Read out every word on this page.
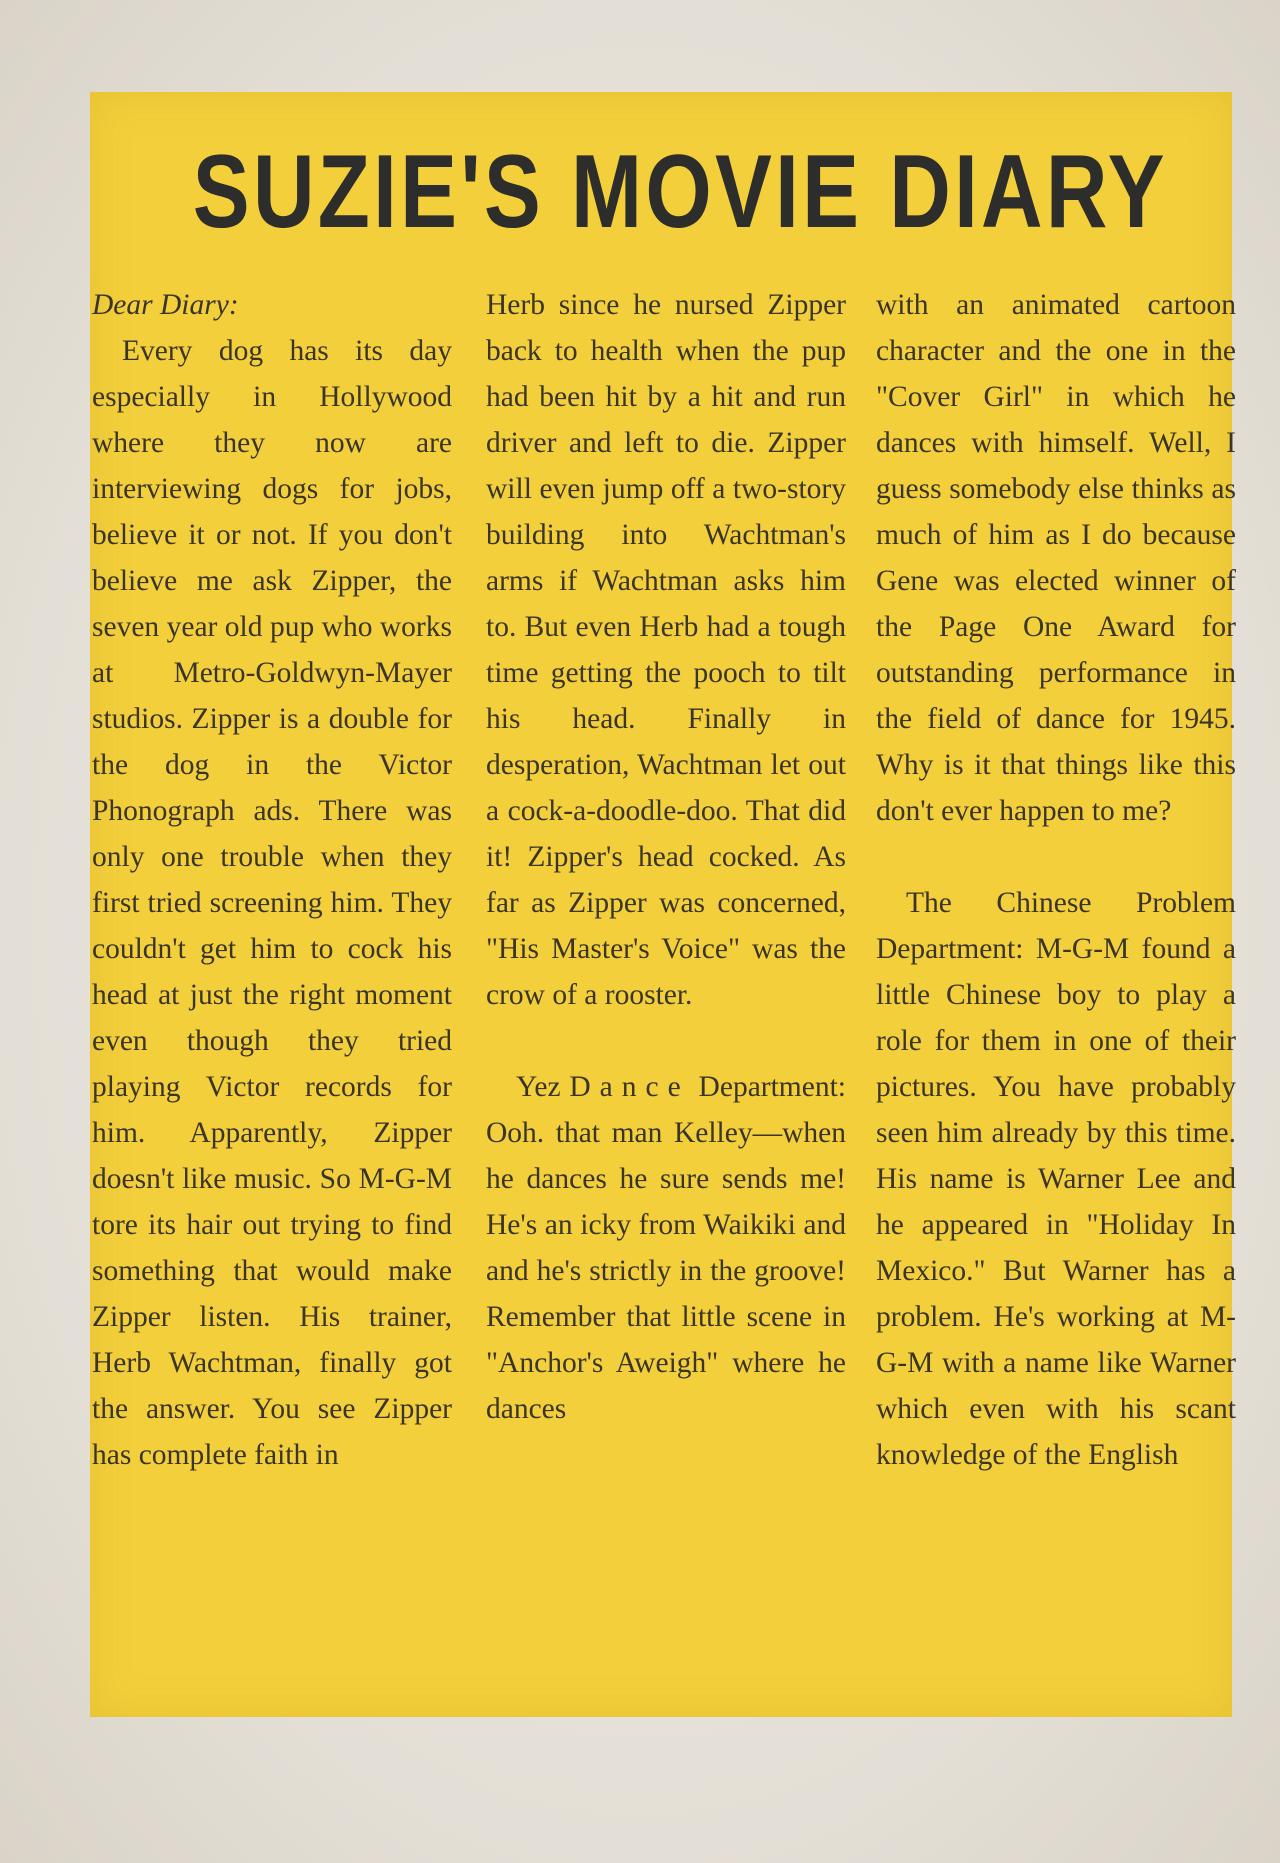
SUZIE'S MOVIE DIARY

Dear Diary:

Every dog has its day especially in Hollywood where they now are interviewing dogs for jobs, believe it or not. If you don't believe me ask Zipper, the seven year old pup who works at Metro-Goldwyn-Mayer studios. Zipper is a double for the dog in the Victor Phonograph ads. There was only one trouble when they first tried screening him. They couldn't get him to cock his head at just the right moment even though they tried playing Victor records for him. Apparently, Zipper doesn't like music. So M-G-M tore its hair out trying to find something that would make Zipper listen. His trainer, Herb Wachtman, finally got the answer. You see Zipper has complete faith in

Herb since he nursed Zipper back to health when the pup had been hit by a hit and run driver and left to die. Zipper will even jump off a two-story building into Wachtman's arms if Wachtman asks him to. But even Herb had a tough time getting the pooch to tilt his head. Finally in desperation, Wachtman let out a cock-a-doodle-doo. That did it! Zipper's head cocked. As far as Zipper was concerned, "His Master's Voice" was the crow of a rooster.

Yez Dance Department: Ooh. that man Kelley—when he dances he sure sends me! He's an icky from Waikiki and and he's strictly in the groove! Remember that little scene in "Anchor's Aweigh" where he dances

with an animated cartoon character and the one in the "Cover Girl" in which he dances with himself. Well, I guess somebody else thinks as much of him as I do because Gene was elected winner of the Page One Award for outstanding performance in the field of dance for 1945. Why is it that things like this don't ever happen to me?

The Chinese Problem Department: M-G-M found a little Chinese boy to play a role for them in one of their pictures. You have probably seen him already by this time. His name is Warner Lee and he appeared in "Holiday In Mexico." But Warner has a problem. He's working at M-G-M with a name like Warner which even with his scant knowledge of the English
